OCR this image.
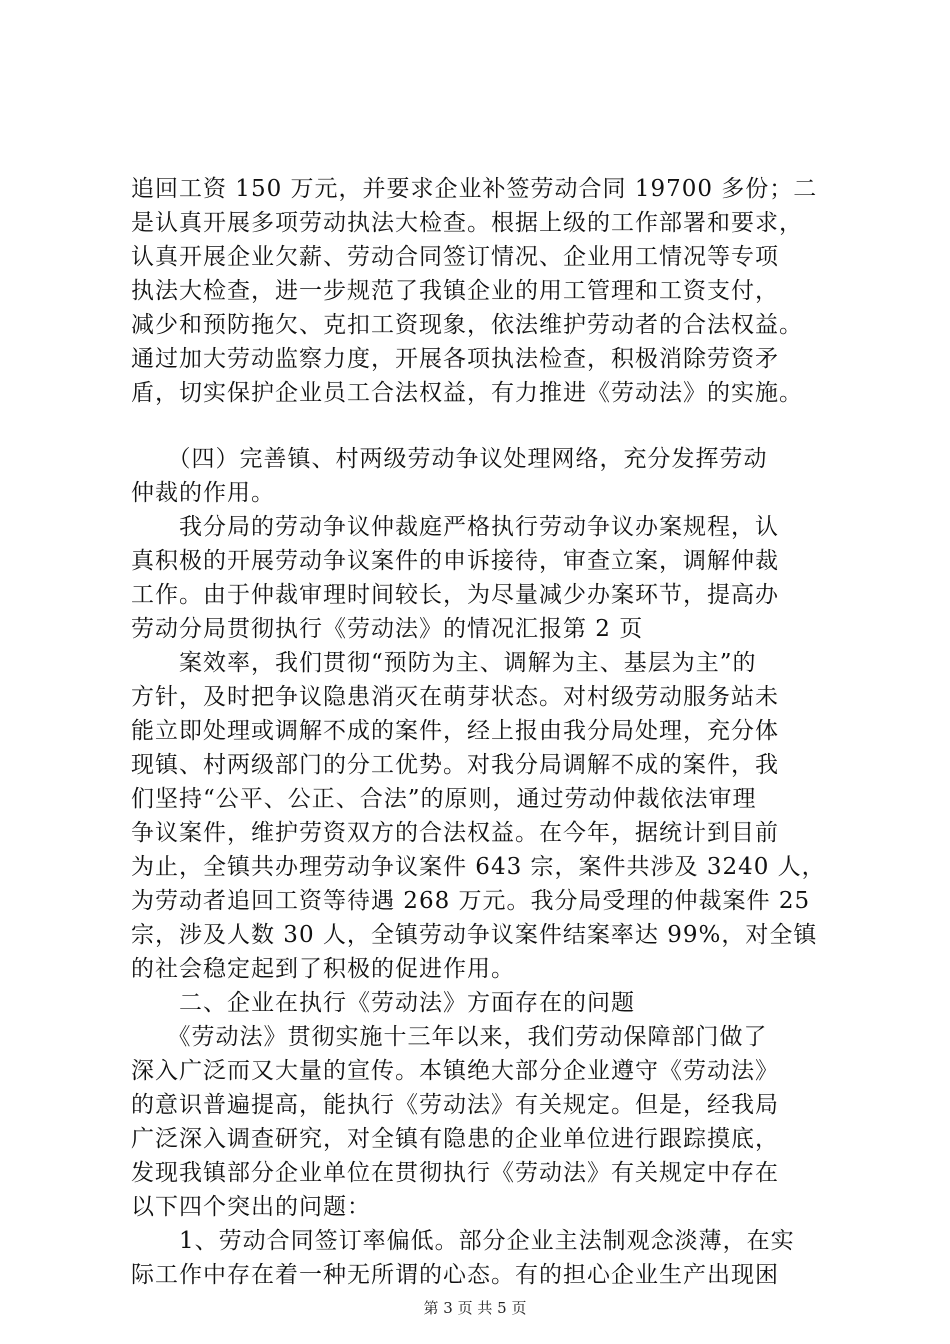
追回工资 150 万元，并要求企业补签劳动合同 19700 多份；二
是认真开展多项劳动执法大检查。根据上级的工作部署和要求，
认真开展企业欠薪、劳动合同签订情况、企业用工情况等专项
执法大检查，进一步规范了我镇企业的用工管理和工资支付，
减少和预防拖欠、克扣工资现象，依法维护劳动者的合法权益。
通过加大劳动监察力度，开展各项执法检查，积极消除劳资矛
盾，切实保护企业员工合法权益，有力推进《劳动法》的实施。
　　（四）完善镇、村两级劳动争议处理网络，充分发挥劳动
仲裁的作用。
　　我分局的劳动争议仲裁庭严格执行劳动争议办案规程，认
真积极的开展劳动争议案件的申诉接待，审查立案，调解仲裁
工作。由于仲裁审理时间较长，为尽量减少办案环节，提高办
劳动分局贯彻执行《劳动法》的情况汇报第 2 页
　　案效率，我们贯彻“预防为主、调解为主、基层为主”的
方针，及时把争议隐患消灭在萌芽状态。对村级劳动服务站未
能立即处理或调解不成的案件，经上报由我分局处理，充分体
现镇、村两级部门的分工优势。对我分局调解不成的案件，我
们坚持“公平、公正、合法”的原则，通过劳动仲裁依法审理
争议案件，维护劳资双方的合法权益。在今年，据统计到目前
为止，全镇共办理劳动争议案件 643 宗，案件共涉及 3240 人，
为劳动者追回工资等待遇 268 万元。我分局受理的仲裁案件 25
宗，涉及人数 30 人，全镇劳动争议案件结案率达 99%，对全镇
的社会稳定起到了积极的促进作用。
　　二、企业在执行《劳动法》方面存在的问题
　　《劳动法》贯彻实施十三年以来，我们劳动保障部门做了
深入广泛而又大量的宣传。本镇绝大部分企业遵守《劳动法》
的意识普遍提高，能执行《劳动法》有关规定。但是，经我局
广泛深入调查研究，对全镇有隐患的企业单位进行跟踪摸底，
发现我镇部分企业单位在贯彻执行《劳动法》有关规定中存在
以下四个突出的问题：
　　1、劳动合同签订率偏低。部分企业主法制观念淡薄，在实
际工作中存在着一种无所谓的心态。有的担心企业生产出现困
第 3 页 共 5 页
